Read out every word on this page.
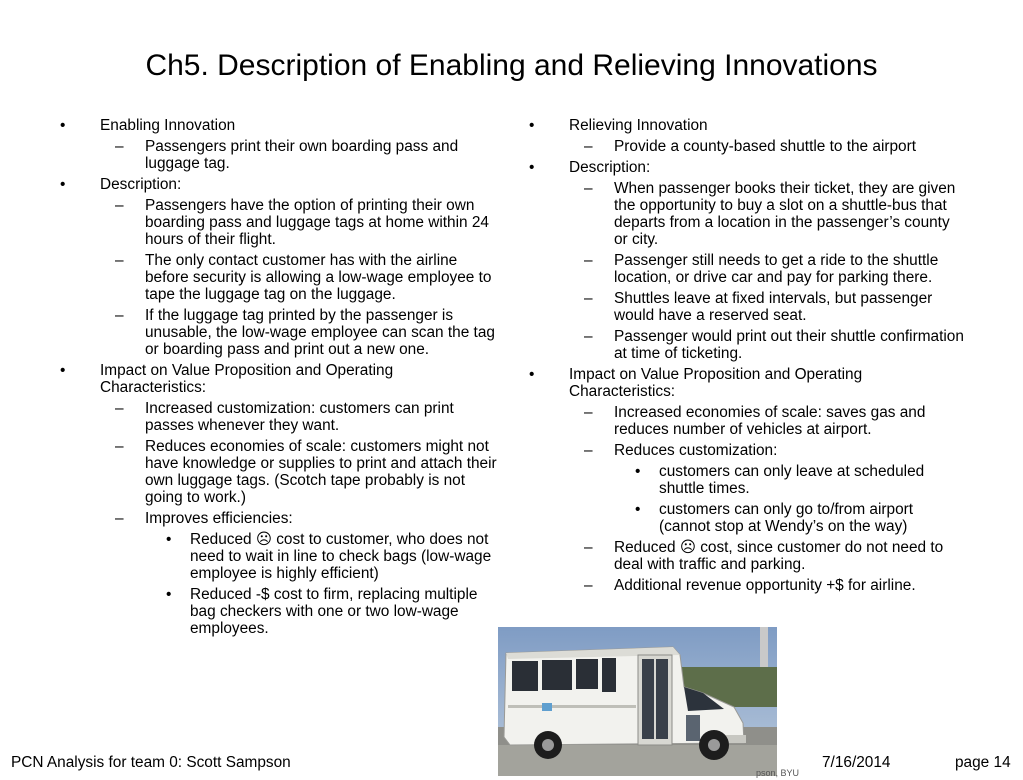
Ch5. Description of Enabling and Relieving Innovations
• Enabling Innovation
– Passengers print their own boarding pass and luggage tag.
• Description:
– Passengers have the option of printing their own boarding pass and luggage tags at home within 24 hours of their flight.
– The only contact customer has with the airline before security is allowing a low-wage employee to tape the luggage tag on the luggage.
– If the luggage tag printed by the passenger is unusable, the low-wage employee can scan the tag or boarding pass and print out a new one.
• Impact on Value Proposition and Operating Characteristics:
– Increased customization: customers can print passes whenever they want.
– Reduces economies of scale: customers might not have knowledge or supplies to print and attach their own luggage tags. (Scotch tape probably is not going to work.)
– Improves efficiencies:
• Reduced ☹ cost to customer, who does not need to wait in line to check bags (low-wage employee is highly efficient)
• Reduced -$ cost to firm, replacing multiple bag checkers with one or two low-wage employees.
• Relieving Innovation
– Provide a county-based shuttle to the airport
• Description:
– When passenger books their ticket, they are given the opportunity to buy a slot on a shuttle-bus that departs from a location in the passenger’s county or city.
– Passenger still needs to get a ride to the shuttle location, or drive car and pay for parking there.
– Shuttles leave at fixed intervals, but passenger would have a reserved seat.
– Passenger would print out their shuttle confirmation at time of ticketing.
• Impact on Value Proposition and Operating Characteristics:
– Increased economies of scale: saves gas and reduces number of vehicles at airport.
– Reduces customization:
• customers can only leave at scheduled shuttle times.
• customers can only go to/from airport (cannot stop at Wendy’s on the way)
– Reduced ☹ cost, since customer do not need to deal with traffic and parking.
– Additional revenue opportunity +$ for airline.
pson, BYU
PCN Analysis for team 0: Scott Sampson	7/16/2014	page 14
